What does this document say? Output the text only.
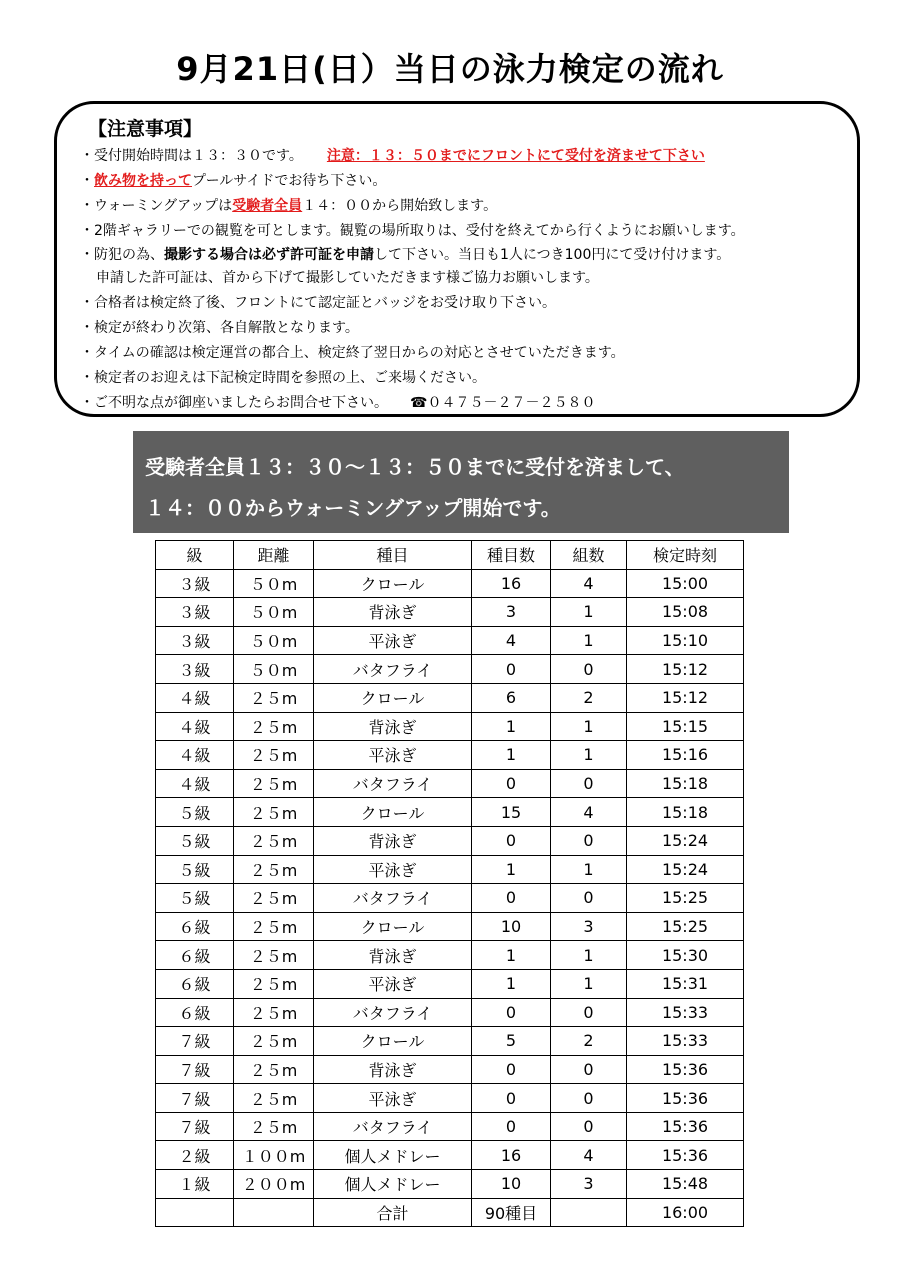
9月21日(日）当日の泳力検定の流れ
【注意事項】
・受付開始時間は１３：３０です。 注意：１３：５０までにフロントにて受付を済ませて下さい
・飲み物を持ってプールサイドでお待ち下さい。
・ウォーミングアップは受験者全員１４：００から開始致します。
・2階ギャラリーでの観覧を可とします。観覧の場所取りは、受付を終えてから行くようにお願いします。
・防犯の為、撮影する場合は必ず許可証を申請して下さい。当日も1人につき100円にて受け付けます。
申請した許可証は、首から下げて撮影していただきます様ご協力お願いします。
・合格者は検定終了後、フロントにて認定証とバッジをお受け取り下さい。
・検定が終わり次第、各自解散となります。
・タイムの確認は検定運営の都合上、検定終了翌日からの対応とさせていただきます。
・検定者のお迎えは下記検定時間を参照の上、ご来場ください。
・ご不明な点が御座いましたらお問合せ下さい。 ☎０４７５－２７－２５８０
受験者全員１３：３０～１３：５０までに受付を済まして、
１４：００からウォーミングアップ開始です。
級	距離	種目	種目数	組数	検定時刻
３級	５０m	クロール	16	4	15:00
３級	５０m	背泳ぎ	3	1	15:08
３級	５０m	平泳ぎ	4	1	15:10
３級	５０m	バタフライ	0	0	15:12
４級	２５m	クロール	6	2	15:12
４級	２５m	背泳ぎ	1	1	15:15
４級	２５m	平泳ぎ	1	1	15:16
４級	２５m	バタフライ	0	0	15:18
５級	２５m	クロール	15	4	15:18
５級	２５m	背泳ぎ	0	0	15:24
５級	２５m	平泳ぎ	1	1	15:24
５級	２５m	バタフライ	0	0	15:25
６級	２５m	クロール	10	3	15:25
６級	２５m	背泳ぎ	1	1	15:30
６級	２５m	平泳ぎ	1	1	15:31
６級	２５m	バタフライ	0	0	15:33
７級	２５m	クロール	5	2	15:33
７級	２５m	背泳ぎ	0	0	15:36
７級	２５m	平泳ぎ	0	0	15:36
７級	２５m	バタフライ	0	0	15:36
２級	１００m	個人メドレー	16	4	15:36
１級	２００m	個人メドレー	10	3	15:48
		合計	90種目		16:00
